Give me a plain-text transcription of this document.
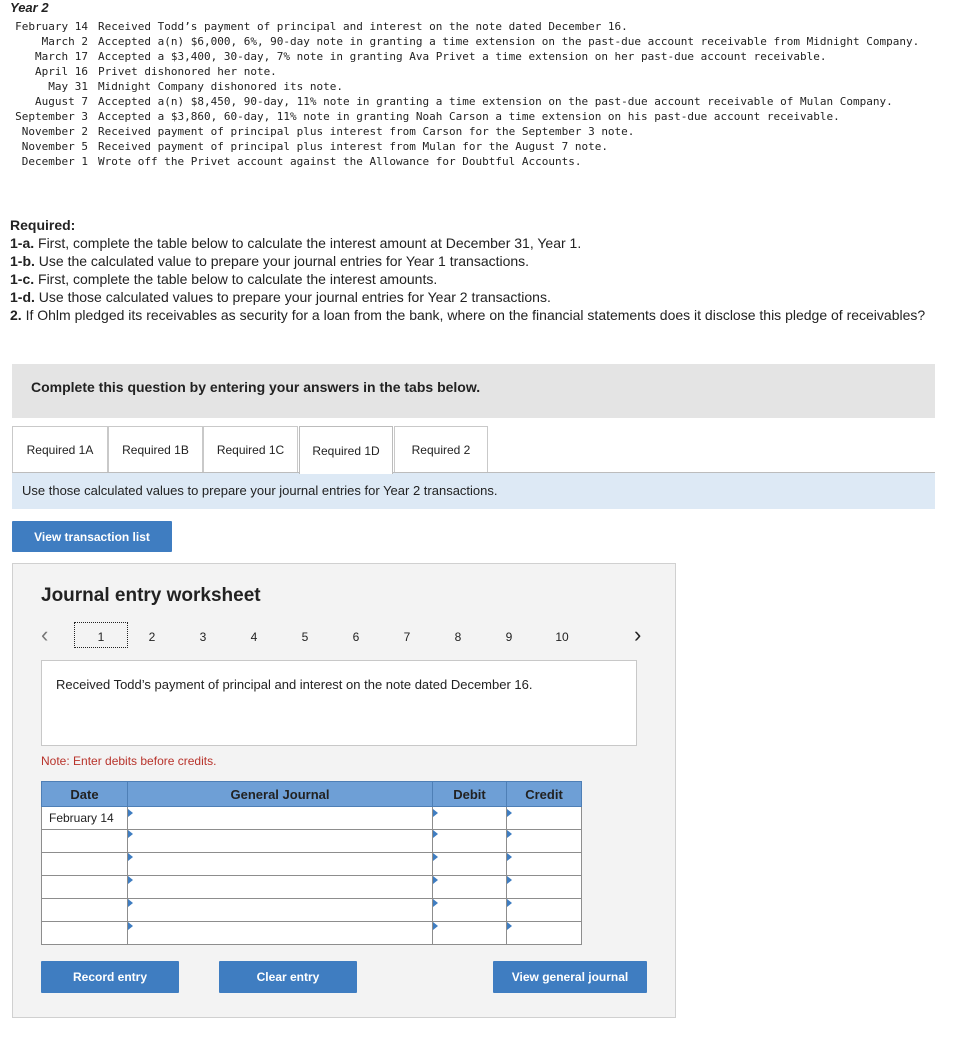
Year 2
February 14 Received Todd’s payment of principal and interest on the note dated December 16.
March 2 Accepted a(n) $6,000, 6%, 90-day note in granting a time extension on the past-due account receivable from Midnight Company.
March 17 Accepted a $3,400, 30-day, 7% note in granting Ava Privet a time extension on her past-due account receivable.
April 16 Privet dishonored her note.
May 31 Midnight Company dishonored its note.
August 7 Accepted a(n) $8,450, 90-day, 11% note in granting a time extension on the past-due account receivable of Mulan Company.
September 3 Accepted a $3,860, 60-day, 11% note in granting Noah Carson a time extension on his past-due account receivable.
November 2 Received payment of principal plus interest from Carson for the September 3 note.
November 5 Received payment of principal plus interest from Mulan for the August 7 note.
December 1 Wrote off the Privet account against the Allowance for Doubtful Accounts.
Required:
1-a. First, complete the table below to calculate the interest amount at December 31, Year 1.
1-b. Use the calculated value to prepare your journal entries for Year 1 transactions.
1-c. First, complete the table below to calculate the interest amounts.
1-d. Use those calculated values to prepare your journal entries for Year 2 transactions.
2. If Ohlm pledged its receivables as security for a loan from the bank, where on the financial statements does it disclose this pledge of receivables?
Complete this question by entering your answers in the tabs below.
Required 1A	Required 1B	Required 1C	Required 1D	Required 2
Use those calculated values to prepare your journal entries for Year 2 transactions.
View transaction list
Journal entry worksheet
‹	1	2	3	4	5	6	7	8	9	10	›
Received Todd’s payment of principal and interest on the note dated December 16.
Note: Enter debits before credits.
Date	General Journal	Debit	Credit
February 14			

Record entry	Clear entry	View general journal
